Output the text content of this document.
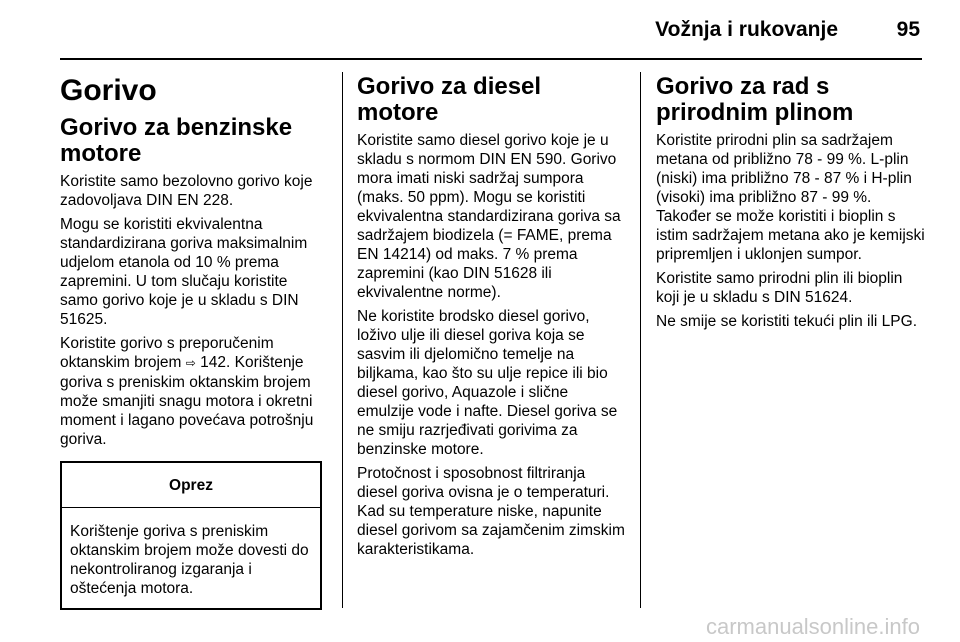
Vožnja i rukovanje	95
Gorivo
Gorivo za benzinske motore

Koristite samo bezolovno gorivo koje zadovoljava DIN EN 228.

Mogu se koristiti ekvivalentna standardizirana goriva maksimalnim udjelom etanola od 10 % prema zapremini. U tom slučaju koristite samo gorivo koje je u skladu s DIN 51625.

Koristite gorivo s preporučenim oktanskim brojem ⇨ 142. Korištenje goriva s preniskim oktanskim brojem može smanjiti snagu motora i okretni moment i lagano povećava potrošnju goriva.

Oprez
Korištenje goriva s preniskim oktanskim brojem može dovesti do nekontroliranog izgaranja i oštećenja motora.
Gorivo za diesel motore

Koristite samo diesel gorivo koje je u skladu s normom DIN EN 590. Gorivo mora imati niski sadržaj sumpora (maks. 50 ppm). Mogu se koristiti ekvivalentna standardizirana goriva sa sadržajem biodizela (= FAME, prema EN 14214) od maks. 7 % prema zapremini (kao DIN 51628 ili ekvivalentne norme).

Ne koristite brodsko diesel gorivo, loživo ulje ili diesel goriva koja se sasvim ili djelomično temelje na biljkama, kao što su ulje repice ili bio diesel gorivo, Aquazole i slične emulzije vode i nafte. Diesel goriva se ne smiju razrjeđivati gorivima za benzinske motore.

Protočnost i sposobnost filtriranja diesel goriva ovisna je o temperaturi. Kad su temperature niske, napunite diesel gorivom sa zajamčenim zimskim karakteristikama.

Gorivo za rad s prirodnim plinom

Koristite prirodni plin sa sadržajem metana od približno 78 - 99 %. L-plin (niski) ima približno 78 - 87 % i H-plin (visoki) ima približno 87 - 99 %. Također se može koristiti i bioplin s istim sadržajem metana ako je kemijski pripremljen i uklonjen sumpor.

Koristite samo prirodni plin ili bioplin koji je u skladu s DIN 51624.

Ne smije se koristiti tekući plin ili LPG.

carmanualsonline.info
